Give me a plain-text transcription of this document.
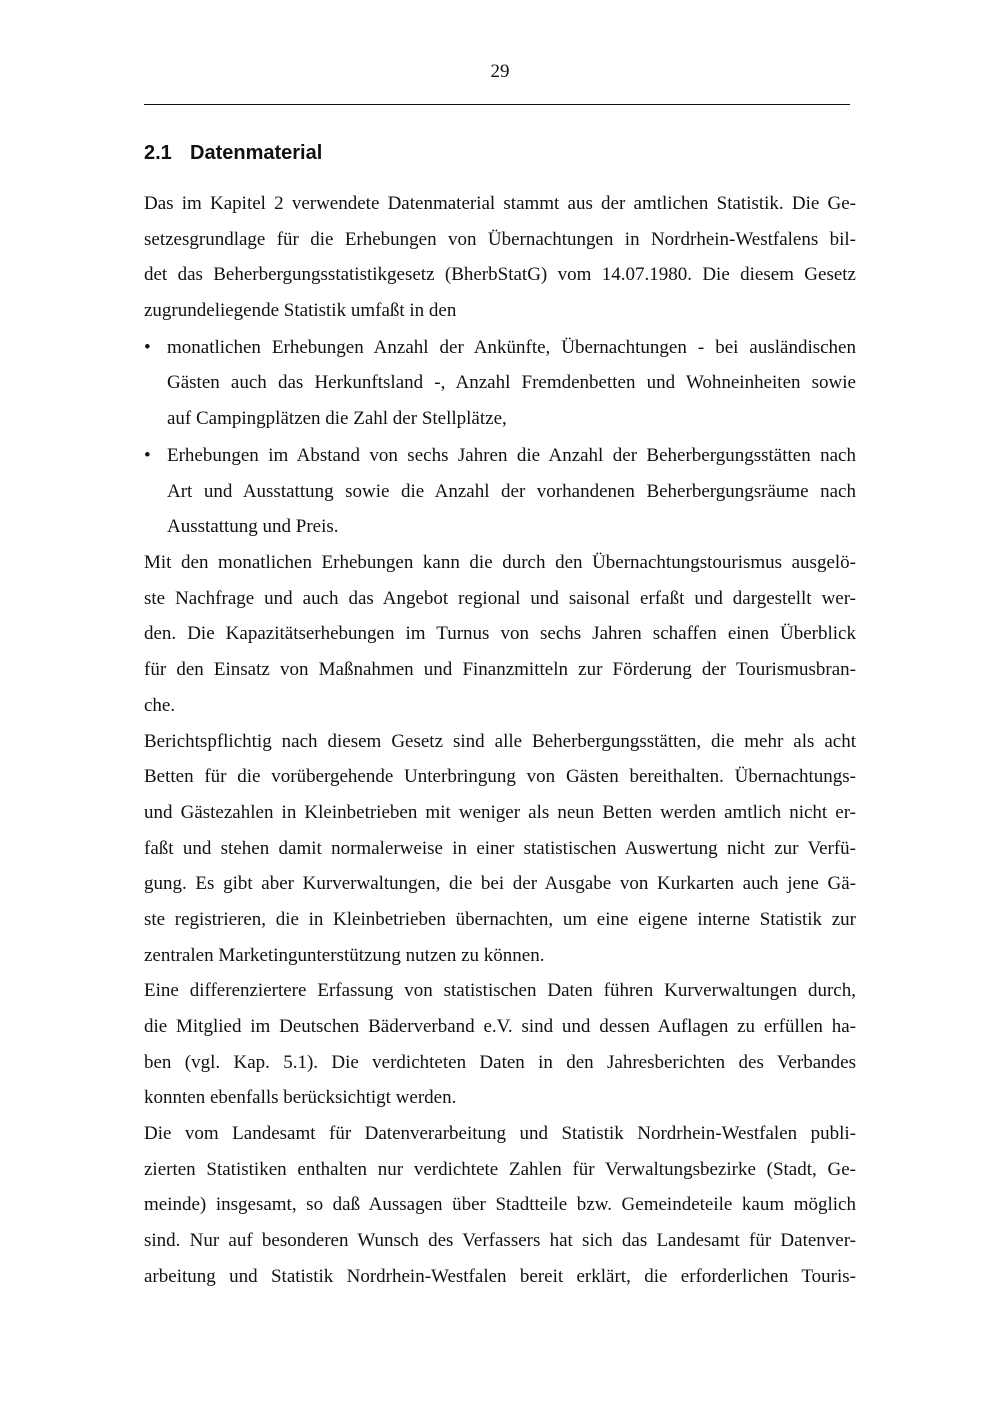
29
2.1 Datenmaterial
Das im Kapitel 2 verwendete Datenmaterial stammt aus der amtlichen Statistik. Die Ge-
setzesgrundlage für die Erhebungen von Übernachtungen in Nordrhein-Westfalens bil-
det das Beherbergungsstatistikgesetz (BherbStatG) vom 14.07.1980. Die diesem Gesetz
zugrundeliegende Statistik umfaßt in den
• monatlichen Erhebungen Anzahl der Ankünfte, Übernachtungen - bei ausländischen
Gästen auch das Herkunftsland -, Anzahl Fremdenbetten und Wohneinheiten sowie
auf Campingplätzen die Zahl der Stellplätze,
• Erhebungen im Abstand von sechs Jahren die Anzahl der Beherbergungsstätten nach
Art und Ausstattung sowie die Anzahl der vorhandenen Beherbergungsräume nach
Ausstattung und Preis.
Mit den monatlichen Erhebungen kann die durch den Übernachtungstourismus ausgelö-
ste Nachfrage und auch das Angebot regional und saisonal erfaßt und dargestellt wer-
den. Die Kapazitätserhebungen im Turnus von sechs Jahren schaffen einen Überblick
für den Einsatz von Maßnahmen und Finanzmitteln zur Förderung der Tourismusbran-
che.
Berichtspflichtig nach diesem Gesetz sind alle Beherbergungsstätten, die mehr als acht
Betten für die vorübergehende Unterbringung von Gästen bereithalten. Übernachtungs-
und Gästezahlen in Kleinbetrieben mit weniger als neun Betten werden amtlich nicht er-
faßt und stehen damit normalerweise in einer statistischen Auswertung nicht zur Verfü-
gung. Es gibt aber Kurverwaltungen, die bei der Ausgabe von Kurkarten auch jene Gä-
ste registrieren, die in Kleinbetrieben übernachten, um eine eigene interne Statistik zur
zentralen Marketingunterstützung nutzen zu können.
Eine differenziertere Erfassung von statistischen Daten führen Kurverwaltungen durch,
die Mitglied im Deutschen Bäderverband e.V. sind und dessen Auflagen zu erfüllen ha-
ben (vgl. Kap. 5.1). Die verdichteten Daten in den Jahresberichten des Verbandes
konnten ebenfalls berücksichtigt werden.
Die vom Landesamt für Datenverarbeitung und Statistik Nordrhein-Westfalen publi-
zierten Statistiken enthalten nur verdichtete Zahlen für Verwaltungsbezirke (Stadt, Ge-
meinde) insgesamt, so daß Aussagen über Stadtteile bzw. Gemeindeteile kaum möglich
sind. Nur auf besonderen Wunsch des Verfassers hat sich das Landesamt für Datenver-
arbeitung und Statistik Nordrhein-Westfalen bereit erklärt, die erforderlichen Touris-
